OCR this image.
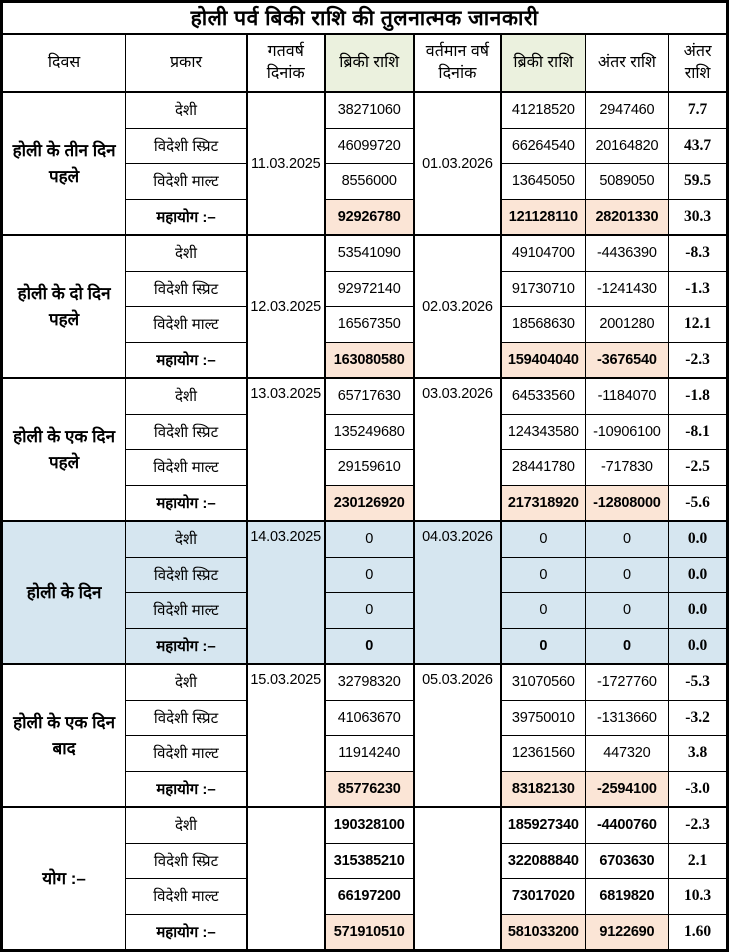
होली पर्व बिकी राशि की तुलनात्मक जानकारी							
दिवस	प्रकार	गतवर्ष दिनांक	ब्रिकी राशि	वर्तमान वर्ष दिनांक	ब्रिकी राशि	अंतर राशि	अंतर राशि
होली के तीन दिन पहले	देशी	11.03.2025	38271060	01.03.2026	41218520	2947460	7.7
	विदेशी स्प्रिट		46099720		66264540	20164820	43.7
	विदेशी माल्ट		8556000		13645050	5089050	59.5
	महायोग :–		92926780		121128110	28201330	30.3
होली के दो दिन पहले	देशी	12.03.2025	53541090	02.03.2026	49104700	-4436390	-8.3
	विदेशी स्प्रिट		92972140		91730710	-1241430	-1.3
	विदेशी माल्ट		16567350		18568630	2001280	12.1
	महायोग :–		163080580		159404040	-3676540	-2.3
होली के एक दिन पहले	देशी	13.03.2025	65717630	03.03.2026	64533560	-1184070	-1.8
	विदेशी स्प्रिट		135249680		124343580	-10906100	-8.1
	विदेशी माल्ट		29159610		28441780	-717830	-2.5
	महायोग :–		230126920		217318920	-12808000	-5.6
होली के दिन	देशी	14.03.2025	0	04.03.2026	0	0	0.0
	विदेशी स्प्रिट		0		0	0	0.0
	विदेशी माल्ट		0		0	0	0.0
	महायोग :–		0		0	0	0.0
होली के एक दिन बाद	देशी	15.03.2025	32798320	05.03.2026	31070560	-1727760	-5.3
	विदेशी स्प्रिट		41063670		39750010	-1313660	-3.2
	विदेशी माल्ट		11914240		12361560	447320	3.8
	महायोग :–		85776230		83182130	-2594100	-3.0
योग :–	देशी		190328100		185927340	-4400760	-2.3
	विदेशी स्प्रिट		315385210		322088840	6703630	2.1
	विदेशी माल्ट		66197200		73017020	6819820	10.3
	महायोग :–		571910510		581033200	9122690	1.60
